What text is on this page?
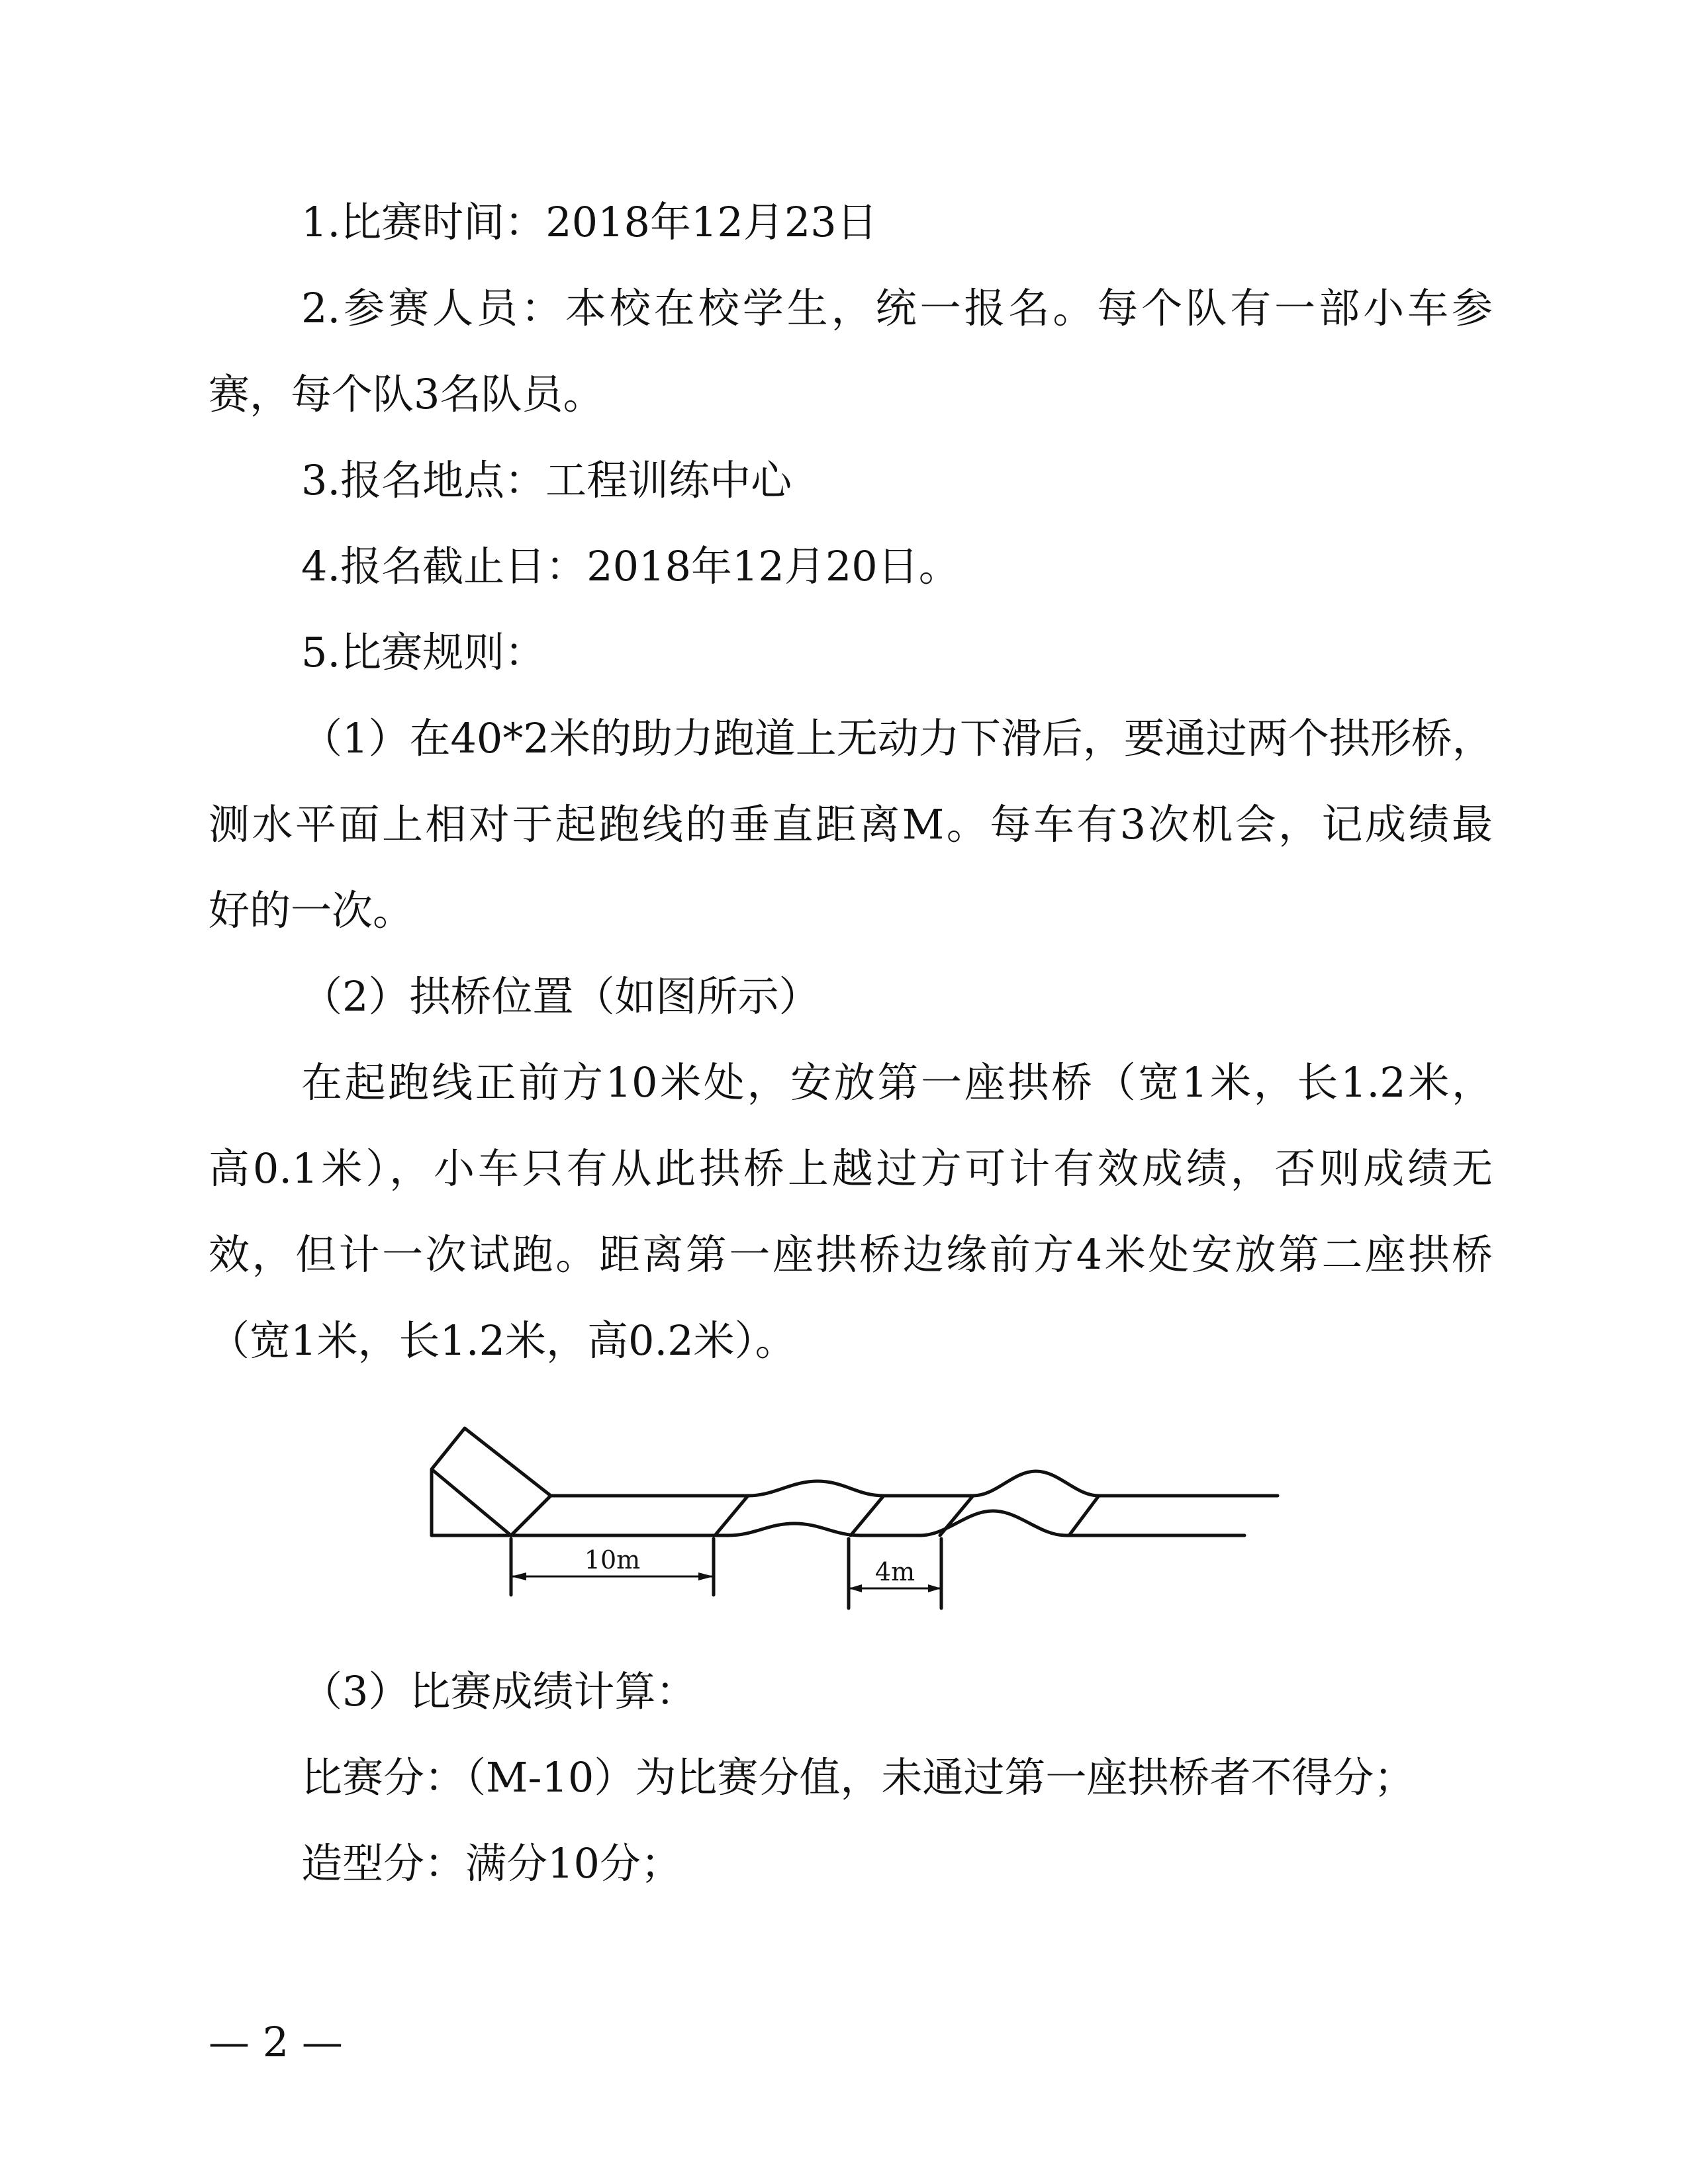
1.比赛时间：2018年12月23日
2.参赛人员：本校在校学生，统一报名。每个队有一部小车参
赛，每个队3名队员。
3.报名地点：工程训练中心
4.报名截止日：2018年12月20日。
5.比赛规则：
（1）在40*2米的助力跑道上无动力下滑后，要通过两个拱形桥，
测水平面上相对于起跑线的垂直距离M。每车有3次机会，记成绩最
好的一次。
（2）拱桥位置（如图所示）
在起跑线正前方10米处，安放第一座拱桥（宽1米，长1.2米，
高0.1米），小车只有从此拱桥上越过方可计有效成绩，否则成绩无
效，但计一次试跑。距离第一座拱桥边缘前方4米处安放第二座拱桥
（宽1米，长1.2米，高0.2米）。
10m	4m
（3）比赛成绩计算：
比赛分：（M-10）为比赛分值，未通过第一座拱桥者不得分；
造型分：满分10分；
— 2 —
